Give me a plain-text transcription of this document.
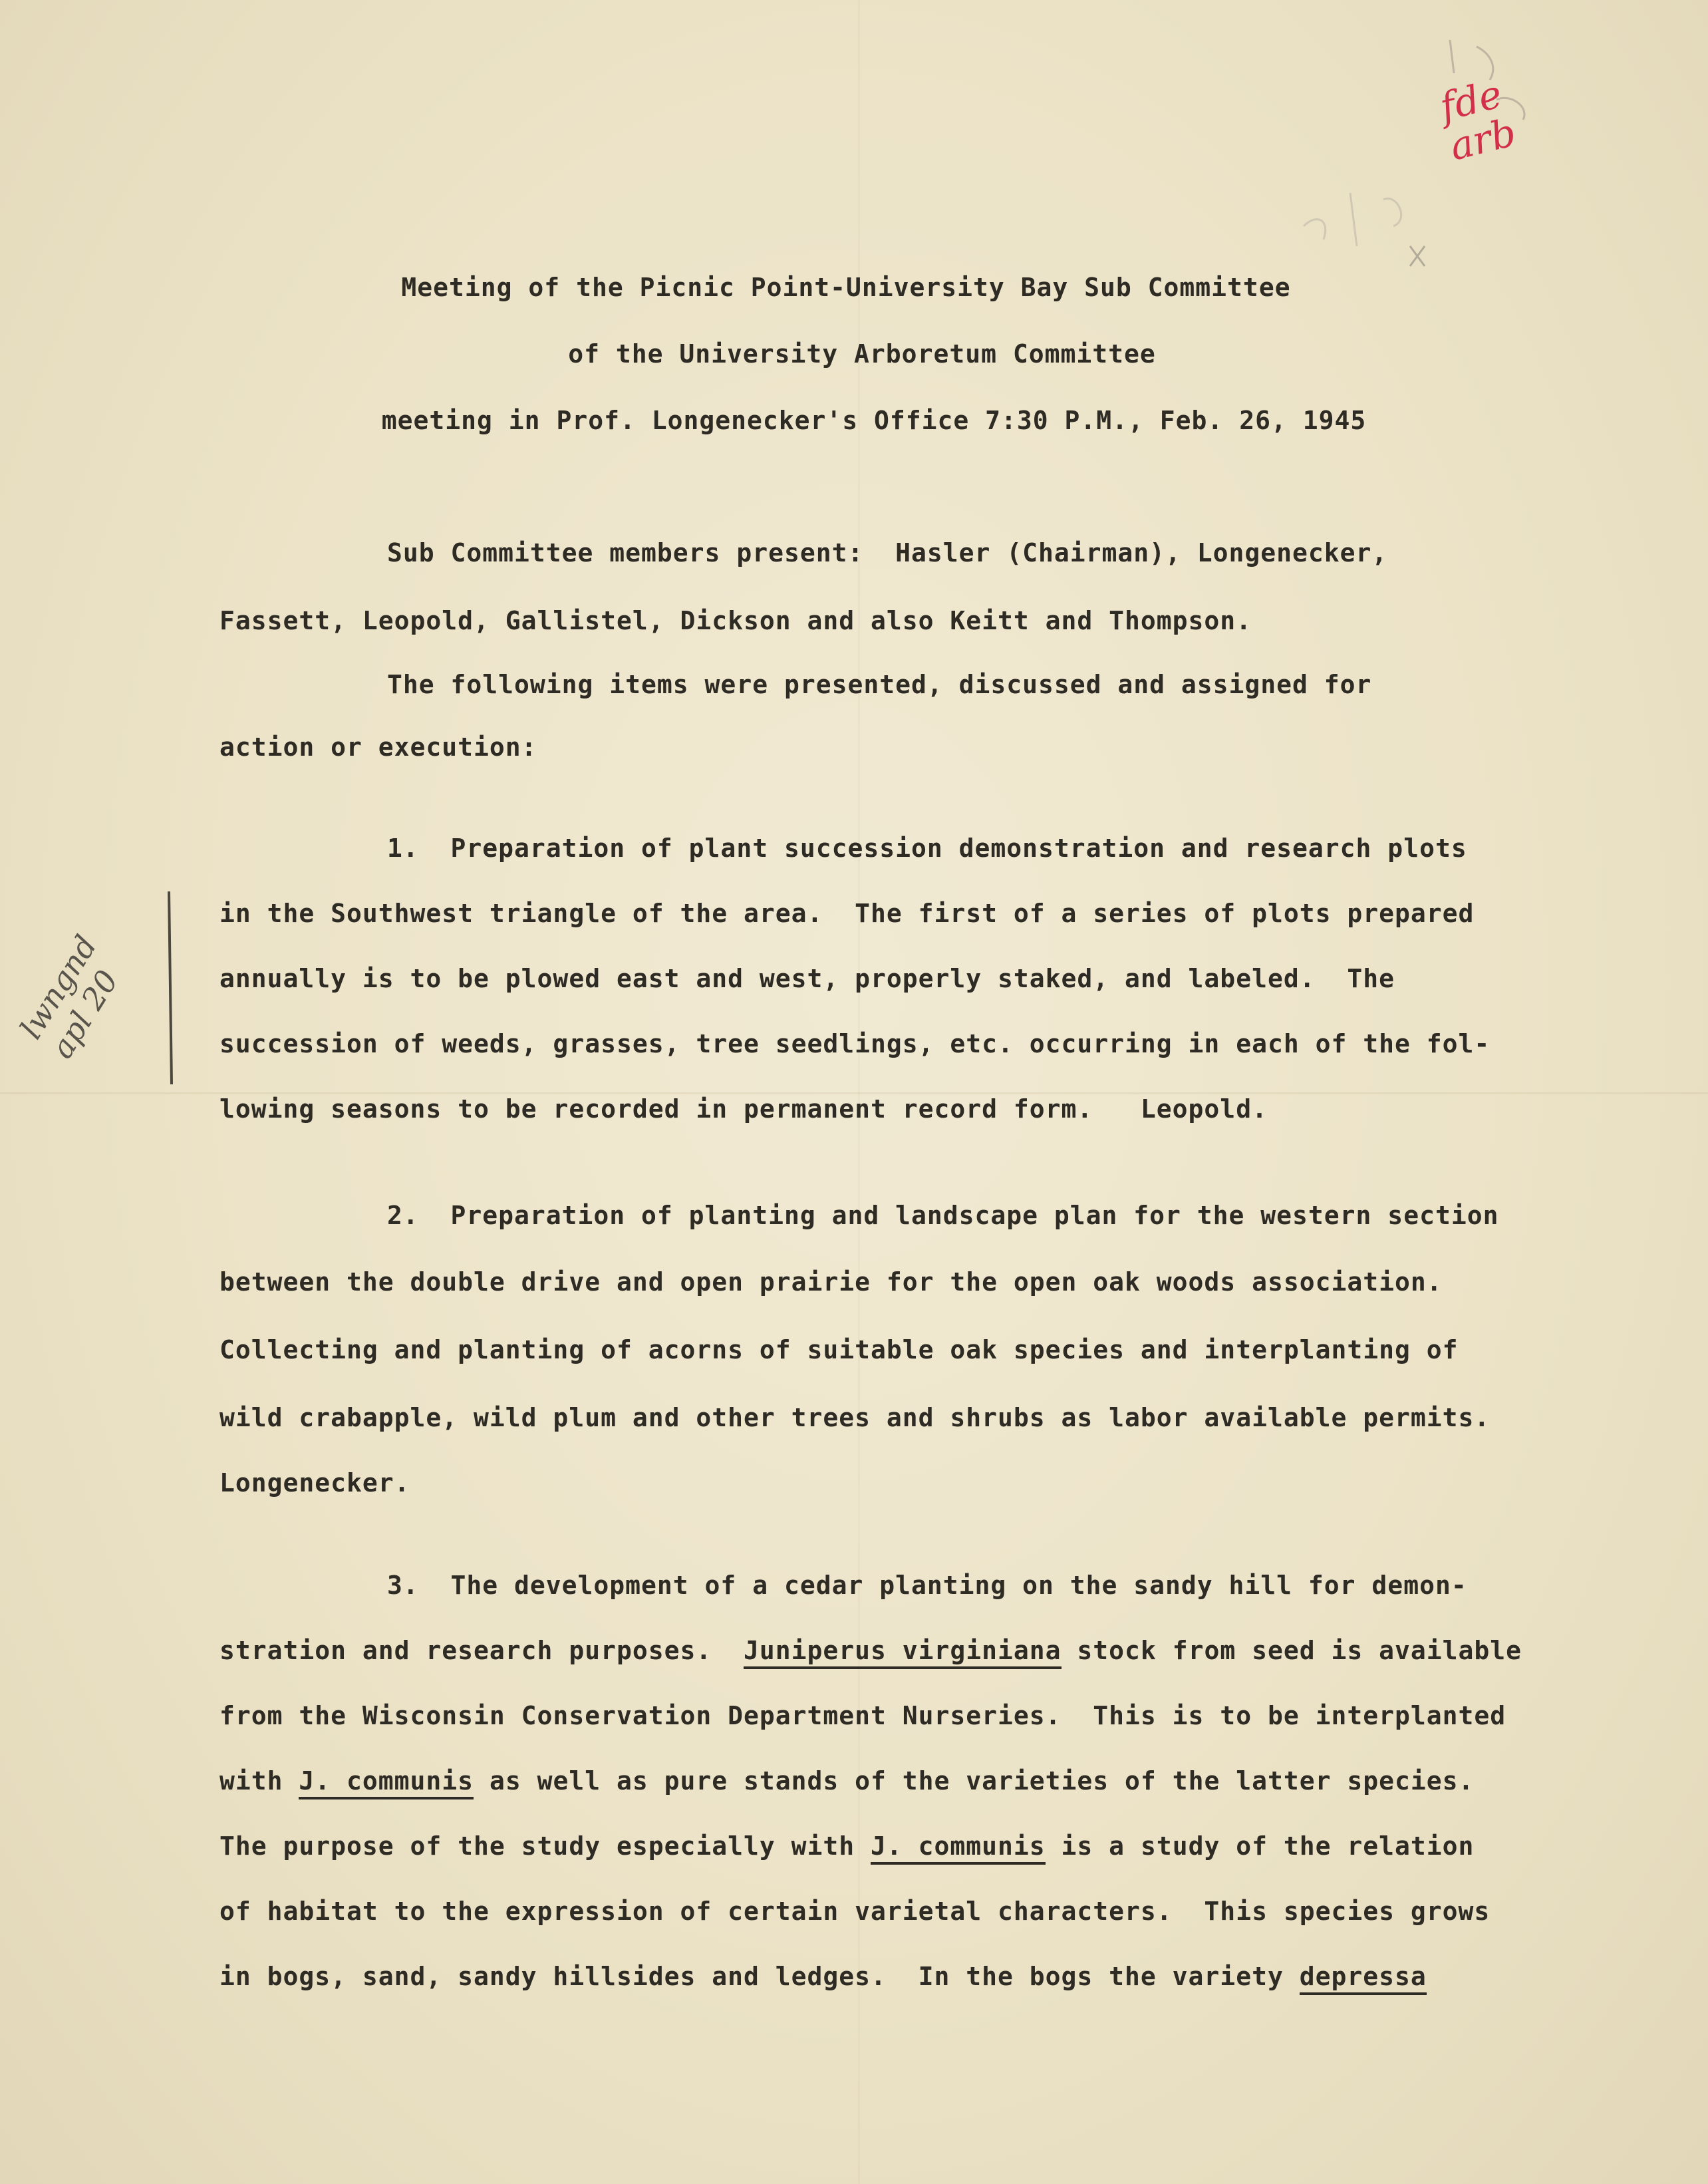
fde
arb
lwngnd
apl 20
Meeting of the Picnic Point-University Bay Sub Committee
of the University Arboretum Committee
meeting in Prof. Longenecker's Office 7:30 P.M., Feb. 26, 1945
Sub Committee members present:  Hasler (Chairman), Longenecker,
Fassett, Leopold, Gallistel, Dickson and also Keitt and Thompson.
The following items were presented, discussed and assigned for
action or execution:
1.  Preparation of plant succession demonstration and research plots
in the Southwest triangle of the area.  The first of a series of plots prepared
annually is to be plowed east and west, properly staked, and labeled.  The
succession of weeds, grasses, tree seedlings, etc. occurring in each of the fol-
lowing seasons to be recorded in permanent record form.   Leopold.
2.  Preparation of planting and landscape plan for the western section
between the double drive and open prairie for the open oak woods association.
Collecting and planting of acorns of suitable oak species and interplanting of
wild crabapple, wild plum and other trees and shrubs as labor available permits.
Longenecker.
3.  The development of a cedar planting on the sandy hill for demon-
stration and research purposes.  Juniperus virginiana stock from seed is available
from the Wisconsin Conservation Department Nurseries.  This is to be interplanted
with J. communis as well as pure stands of the varieties of the latter species.
The purpose of the study especially with J. communis is a study of the relation
of habitat to the expression of certain varietal characters.  This species grows
in bogs, sand, sandy hillsides and ledges.  In the bogs the variety depressa
